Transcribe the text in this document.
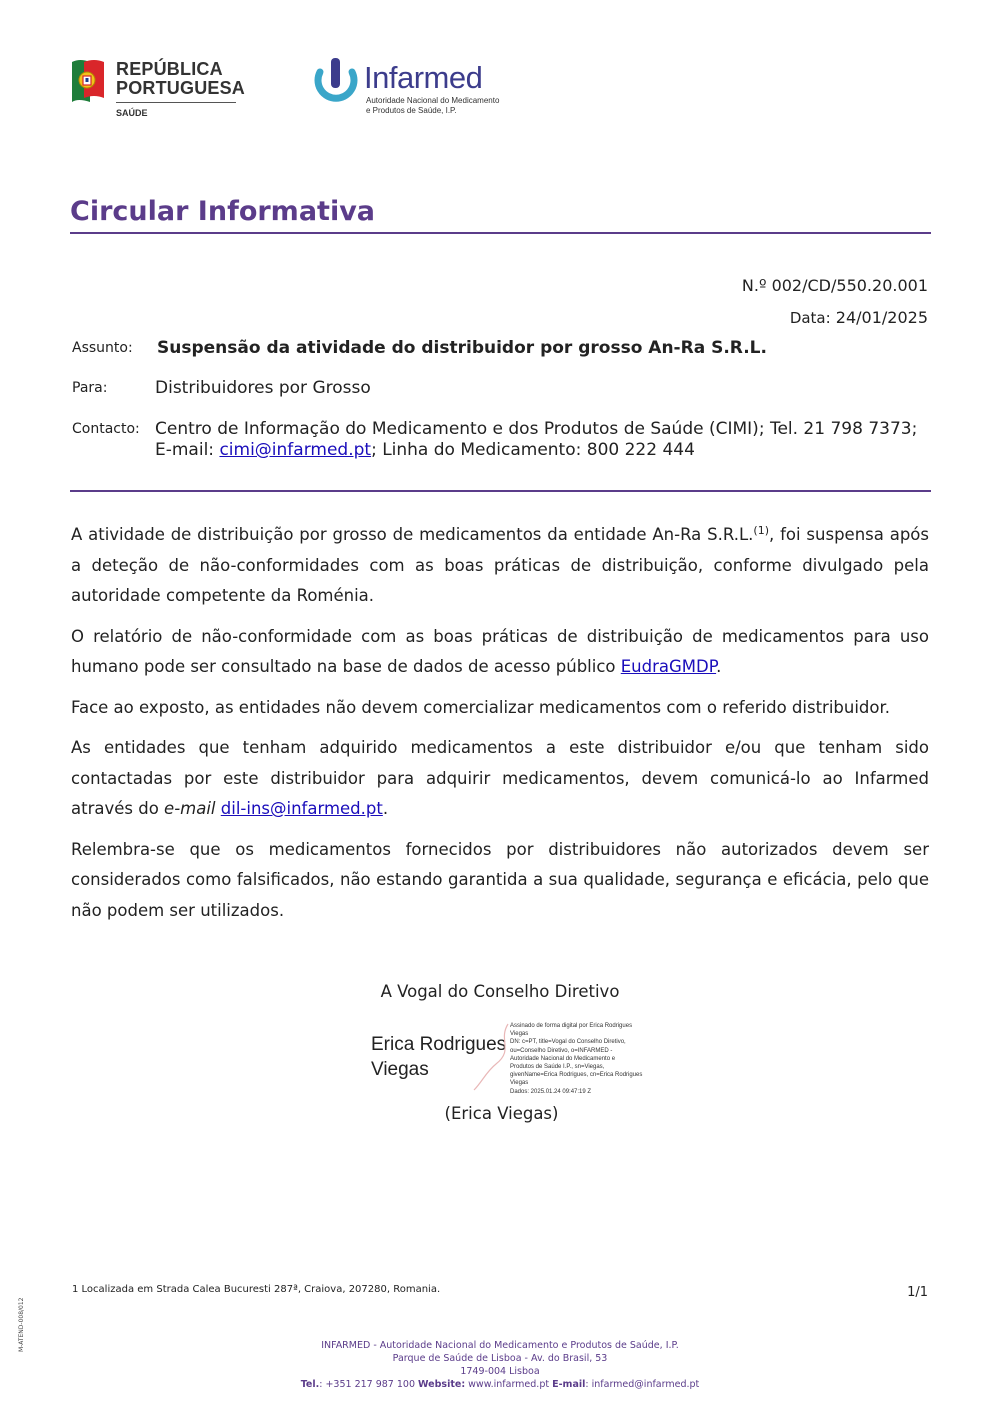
REPÚBLICA
PORTUGUESA
SAÚDE
Infarmed
Autoridade Nacional do Medicamento
e Produtos de Saúde, I.P.
Circular Informativa
N.º 002/CD/550.20.001
Data: 24/01/2025
Assunto: Suspensão da atividade do distribuidor por grosso An-Ra S.R.L.
Para:	Distribuidores por Grosso
Contacto: Centro de Informação do Medicamento e dos Produtos de Saúde (CIMI); Tel. 21 798 7373;
E-mail: cimi@infarmed.pt; Linha do Medicamento: 800 222 444

A atividade de distribuição por grosso de medicamentos da entidade An-Ra S.R.L.$^{(1)}$, foi suspensa após a deteção de não-conformidades com as boas práticas de distribuição, conforme divulgado pela autoridade competente da Roménia.

O relatório de não-conformidade com as boas práticas de distribuição de medicamentos para uso humano pode ser consultado na base de dados de acesso público EudraGMDP.

Face ao exposto, as entidades não devem comercializar medicamentos com o referido distribuidor.

As entidades que tenham adquirido medicamentos a este distribuidor e/ou que tenham sido contactadas por este distribuidor para adquirir medicamentos, devem comunicá-lo ao Infarmed através do e-mail dil-ins@infarmed.pt.

Relembra-se que os medicamentos fornecidos por distribuidores não autorizados devem ser considerados como falsificados, não estando garantida a sua qualidade, segurança e eficácia, pelo que não podem ser utilizados.

A Vogal do Conselho Diretivo
Erica Rodrigues
Viegas
Assinado de forma digital por Erica Rodrigues
Viegas
DN: c=PT, title=Vogal do Conselho Diretivo,
ou=Conselho Diretivo, o=INFARMED -
Autoridade Nacional do Medicamento e
Produtos de Saúde I.P., sn=Viegas,
givenName=Erica Rodrigues, cn=Erica Rodrigues
Viegas
Dados: 2025.01.24 09:47:19 Z
(Erica Viegas)
1 Localizada em Strada Calea Bucuresti 287ª, Craiova, 207280, Romania.	1/1
M-ATEND-008/012	INFARMED - Autoridade Nacional do Medicamento e Produtos de Saúde, I.P.
Parque de Saúde de Lisboa - Av. do Brasil, 53
1749-004 Lisboa
Tel.: +351 217 987 100 Website: www.infarmed.pt E-mail: infarmed@infarmed.pt
